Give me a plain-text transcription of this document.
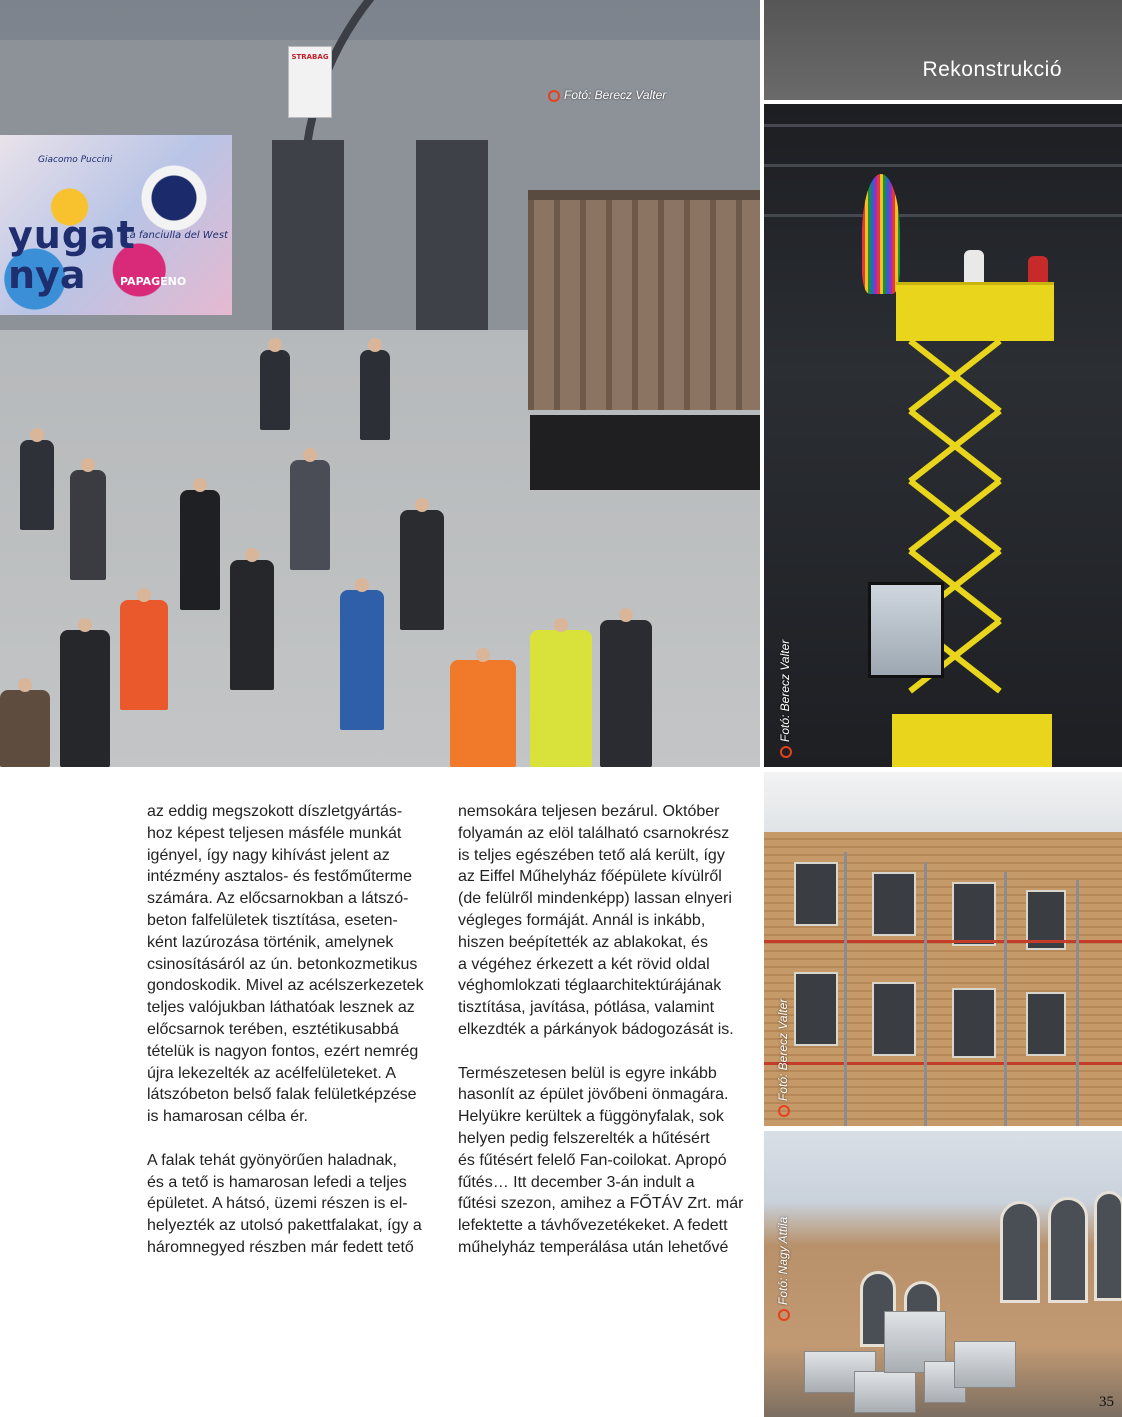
STRABAG
Giacomo Puccini
yugat
nya
La fanciulla del West
PAPAGENO
Fotó: Berecz Valter
Rekonstrukció
Fotó: Berecz Valter
Fotó: Berecz Valter
Fotó: Nagy Attila
35

az eddig megszokott díszletgyártás-
hoz képest teljesen másféle munkát
igényel, így nagy kihívást jelent az
intézmény asztalos- és festőműterme
számára. Az előcsarnokban a látszó-
beton falfelületek tisztítása, eseten-
ként lazúrozása történik, amelynek
csinosításáról az ún. betonkozmetikus
gondoskodik. Mivel az acélszerkezetek
teljes valójukban láthatóak lesznek az
előcsarnok terében, esztétikusabbá
tételük is nagyon fontos, ezért nemrég
újra lekezelték az acélfelületeket. A
látszóbeton belső falak felületképzése
is hamarosan célba ér.

A falak tehát gyönyörűen haladnak,
és a tető is hamarosan lefedi a teljes
épületet. A hátsó, üzemi részen is el-
helyezték az utolsó pakettfalakat, így a
háromnegyed részben már fedett tető

nemsokára teljesen bezárul. Október
folyamán az elöl található csarnokrész
is teljes egészében tető alá került, így
az Eiffel Műhelyház főépülete kívülről
(de felülről mindenképp) lassan elnyeri
végleges formáját. Annál is inkább,
hiszen beépítették az ablakokat, és
a végéhez érkezett a két rövid oldal
véghomlokzati téglaarchitektúrájának
tisztítása, javítása, pótlása, valamint
elkezdték a párkányok bádogozását is.

Természetesen belül is egyre inkább
hasonlít az épület jövőbeni önmagára.
Helyükre kerültek a függönyfalak, sok
helyen pedig felszerelték a hűtésért
és fűtésért felelő Fan-coilokat. Apropó
fűtés… Itt december 3-án indult a
fűtési szezon, amihez a FŐTÁV Zrt. már
lefektette a távhővezetékeket. A fedett
műhelyház temperálása után lehetővé
